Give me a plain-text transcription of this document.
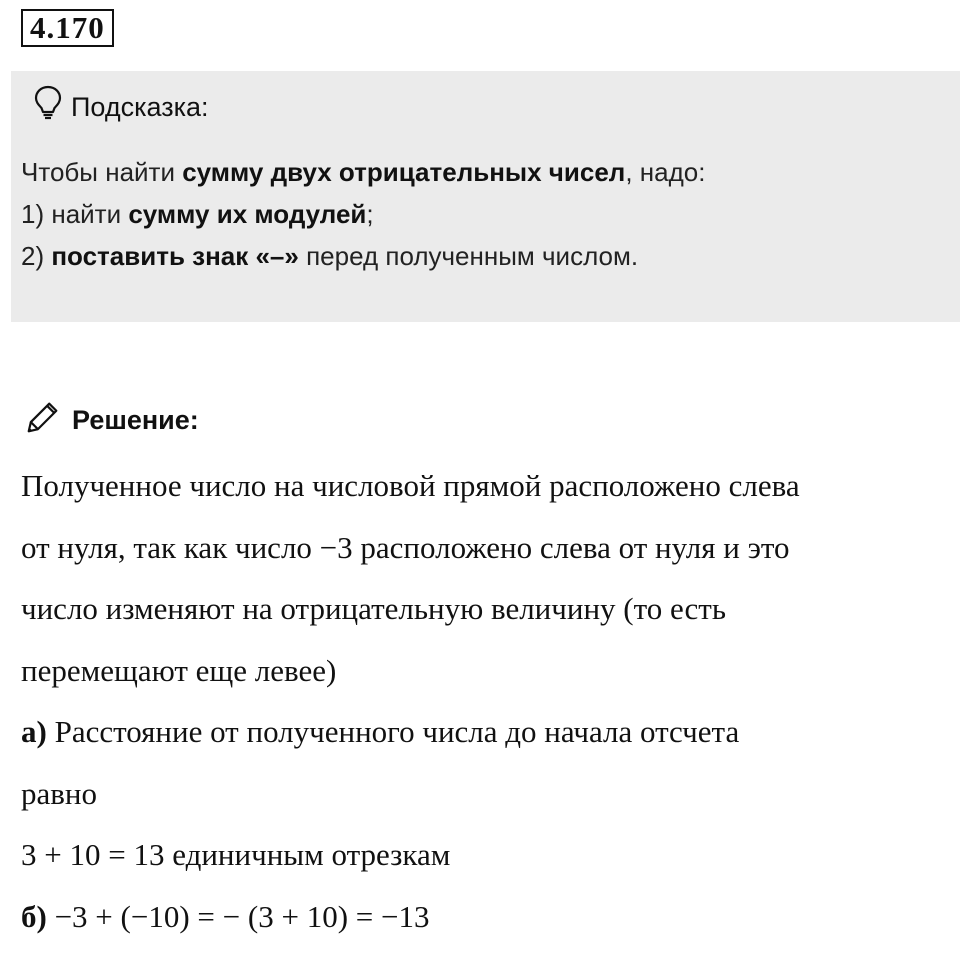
4.170
Подсказка:
Чтобы найти сумму двух отрицательных чисел, надо:
1) найти сумму их модулей;
2) поставить знак «–» перед полученным числом.
Решение:

Полученное число на числовой прямой расположено слева

от нуля, так как число −3 расположено слева от нуля и это

число изменяют на отрицательную величину (то есть

перемещают еще левее)

а) Расстояние от полученного числа до начала отсчета

равно

3 + 10 = 13 единичным отрезкам

б) −3 + (−10) = − (3 + 10) = −13
